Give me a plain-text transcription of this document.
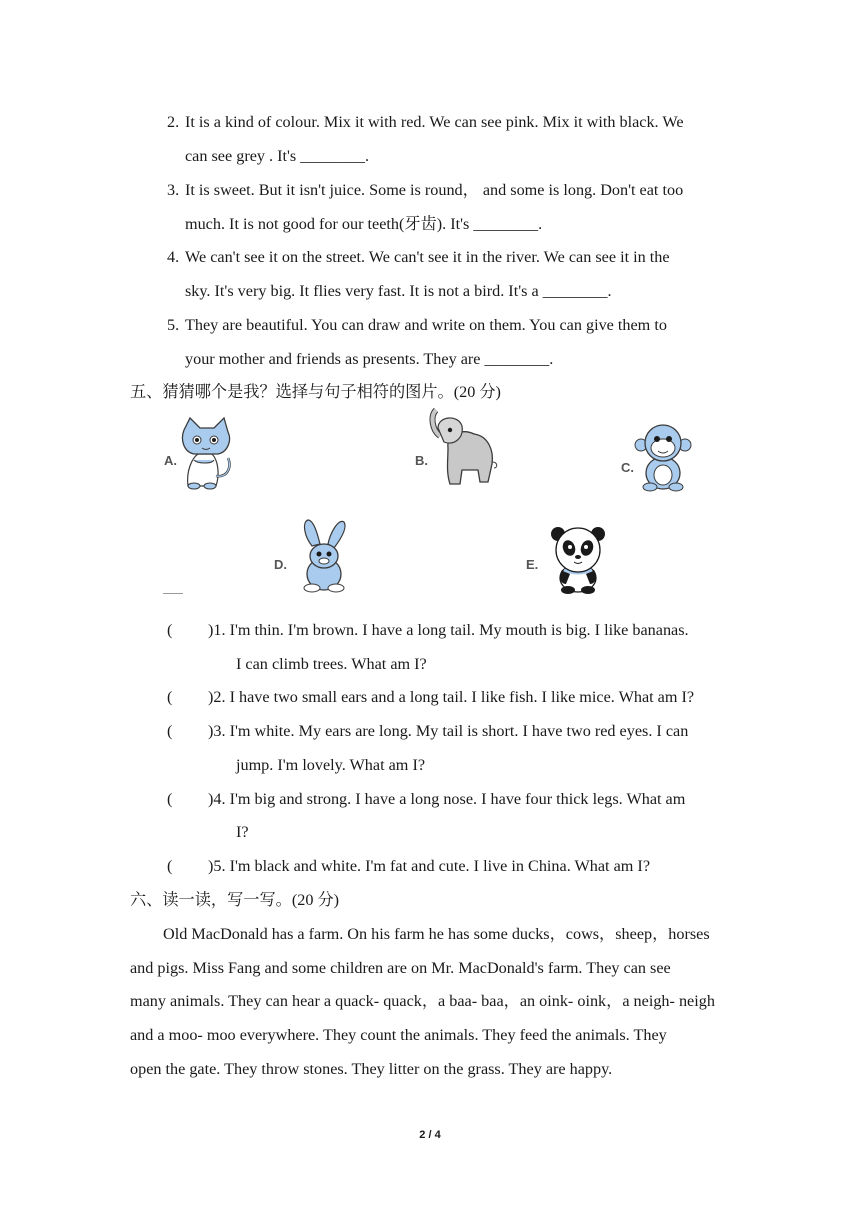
2. It is a kind of colour. Mix it with red. We can see pink. Mix it with black. We
can see grey . It's ________.
3. It is sweet. But it isn't juice. Some is round， and some is long. Don't eat too
much. It is not good for our teeth(牙齿). It's ________.
4. We can't see it on the street. We can't see it in the river. We can see it in the
sky. It's very big. It flies very fast. It is not a bird. It's a ________.
5. They are beautiful. You can draw and write on them. You can give them to
your mother and friends as presents. They are ________.
五、猜猜哪个是我？选择与句子相符的图片。(20 分)
A.	B.	C.
D.	E.
( )1. I'm thin. I'm brown. I have a long tail. My mouth is big. I like bananas.
I can climb trees. What am I?
( )2. I have two small ears and a long tail. I like fish. I like mice. What am I?
( )3. I'm white. My ears are long. My tail is short. I have two red eyes. I can
jump. I'm lovely. What am I?
( )4. I'm big and strong. I have a long nose. I have four thick legs. What am
I?
( )5. I'm black and white. I'm fat and cute. I live in China. What am I?
六、读一读，写一写。(20 分)
Old MacDonald has a farm. On his farm he has some ducks，cows，sheep，horses
and pigs. Miss Fang and some children are on Mr. MacDonald's farm. They can see
many animals. They can hear a quack- quack，a baa- baa，an oink- oink，a neigh- neigh
and a moo- moo everywhere. They count the animals. They feed the animals. They
open the gate. They throw stones. They litter on the grass. They are happy.
2 / 4
